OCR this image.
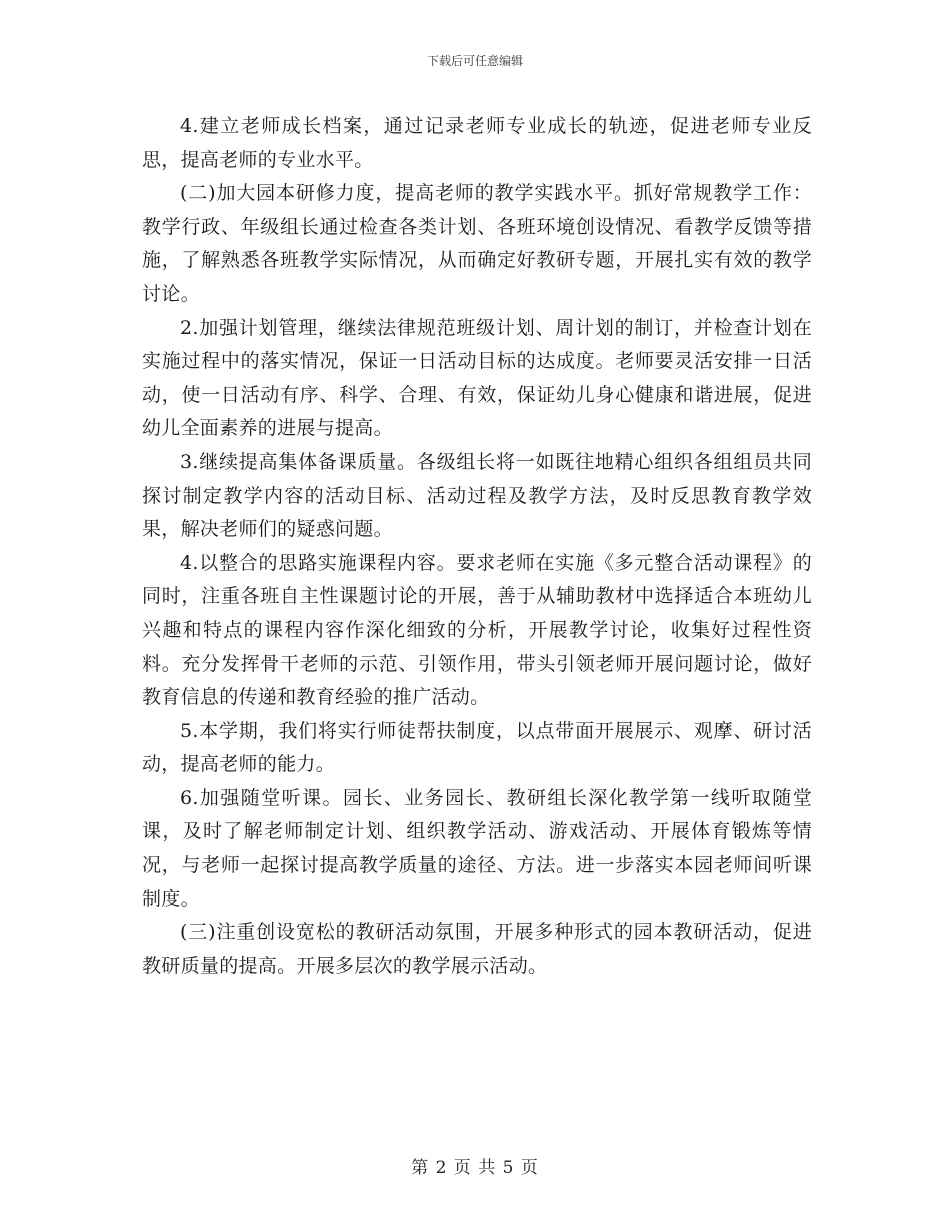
下载后可任意编辑

4.建立老师成长档案，通过记录老师专业成长的轨迹，促进老师专业反思，提高老师的专业水平。

(二)加大园本研修力度，提高老师的教学实践水平。抓好常规教学工作：教学行政、年级组长通过检查各类计划、各班环境创设情况、看教学反馈等措施，了解熟悉各班教学实际情况，从而确定好教研专题，开展扎实有效的教学讨论。

2.加强计划管理，继续法律规范班级计划、周计划的制订，并检查计划在实施过程中的落实情况，保证一日活动目标的达成度。老师要灵活安排一日活动，使一日活动有序、科学、合理、有效，保证幼儿身心健康和谐进展，促进幼儿全面素养的进展与提高。

3.继续提高集体备课质量。各级组长将一如既往地精心组织各组组员共同探讨制定教学内容的活动目标、活动过程及教学方法，及时反思教育教学效果，解决老师们的疑惑问题。

4.以整合的思路实施课程内容。要求老师在实施《多元整合活动课程》的同时，注重各班自主性课题讨论的开展，善于从辅助教材中选择适合本班幼儿兴趣和特点的课程内容作深化细致的分析，开展教学讨论，收集好过程性资料。充分发挥骨干老师的示范、引领作用，带头引领老师开展问题讨论，做好教育信息的传递和教育经验的推广活动。

5.本学期，我们将实行师徒帮扶制度，以点带面开展展示、观摩、研讨活动，提高老师的能力。

6.加强随堂听课。园长、业务园长、教研组长深化教学第一线听取随堂课，及时了解老师制定计划、组织教学活动、游戏活动、开展体育锻炼等情况，与老师一起探讨提高教学质量的途径、方法。进一步落实本园老师间听课制度。

(三)注重创设宽松的教研活动氛围，开展多种形式的园本教研活动，促进教研质量的提高。开展多层次的教学展示活动。

第 2 页 共 5 页
